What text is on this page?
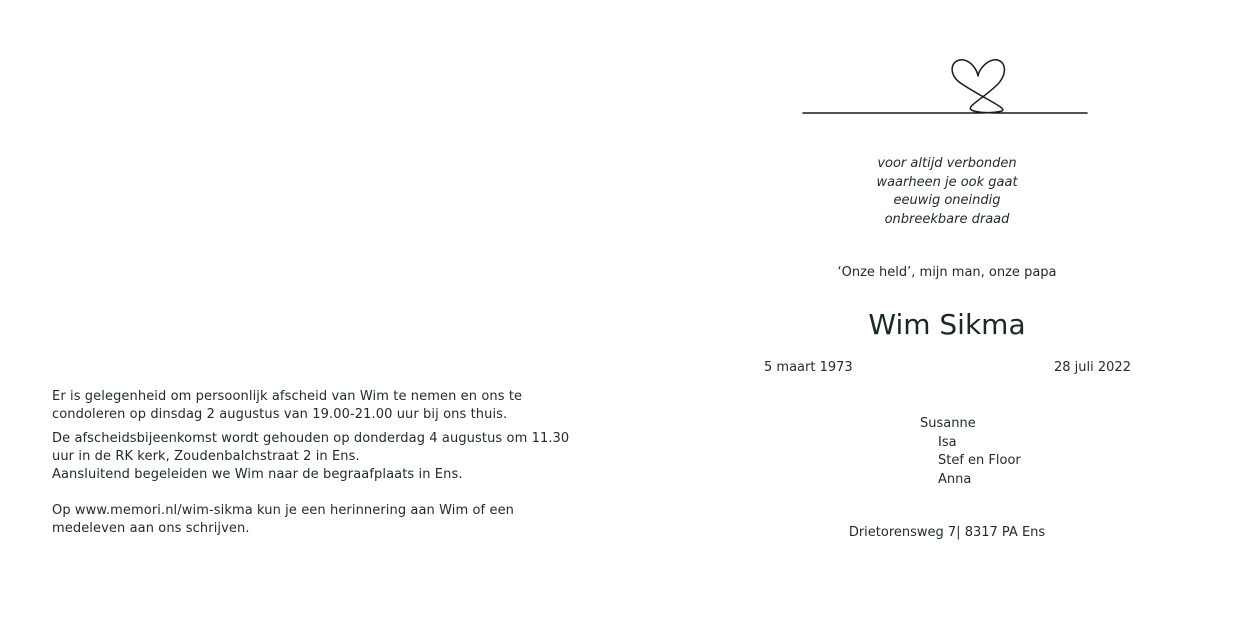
Er is gelegenheid om persoonlijk afscheid van Wim te nemen en ons te condoleren op dinsdag 2 augustus van 19.00-21.00 uur bij ons thuis.

De afscheidsbijeenkomst wordt gehouden op donderdag 4 augustus om 11.30 uur in de RK kerk, Zoudenbalchstraat 2 in Ens.

Aansluitend begeleiden we Wim naar de begraafplaats in Ens.

Op www.memori.nl/wim-sikma kun je een herinnering aan Wim of een medeleven aan ons schrijven.

voor altijd verbonden
waarheen je ook gaat
eeuwig oneindig
onbreekbare draad
‘Onze held’, mijn man, onze papa
Wim Sikma
5 maart 1973	28 juli 2022
Susanne
Isa
Stef en Floor
Anna
Drietorensweg 7| 8317 PA Ens
